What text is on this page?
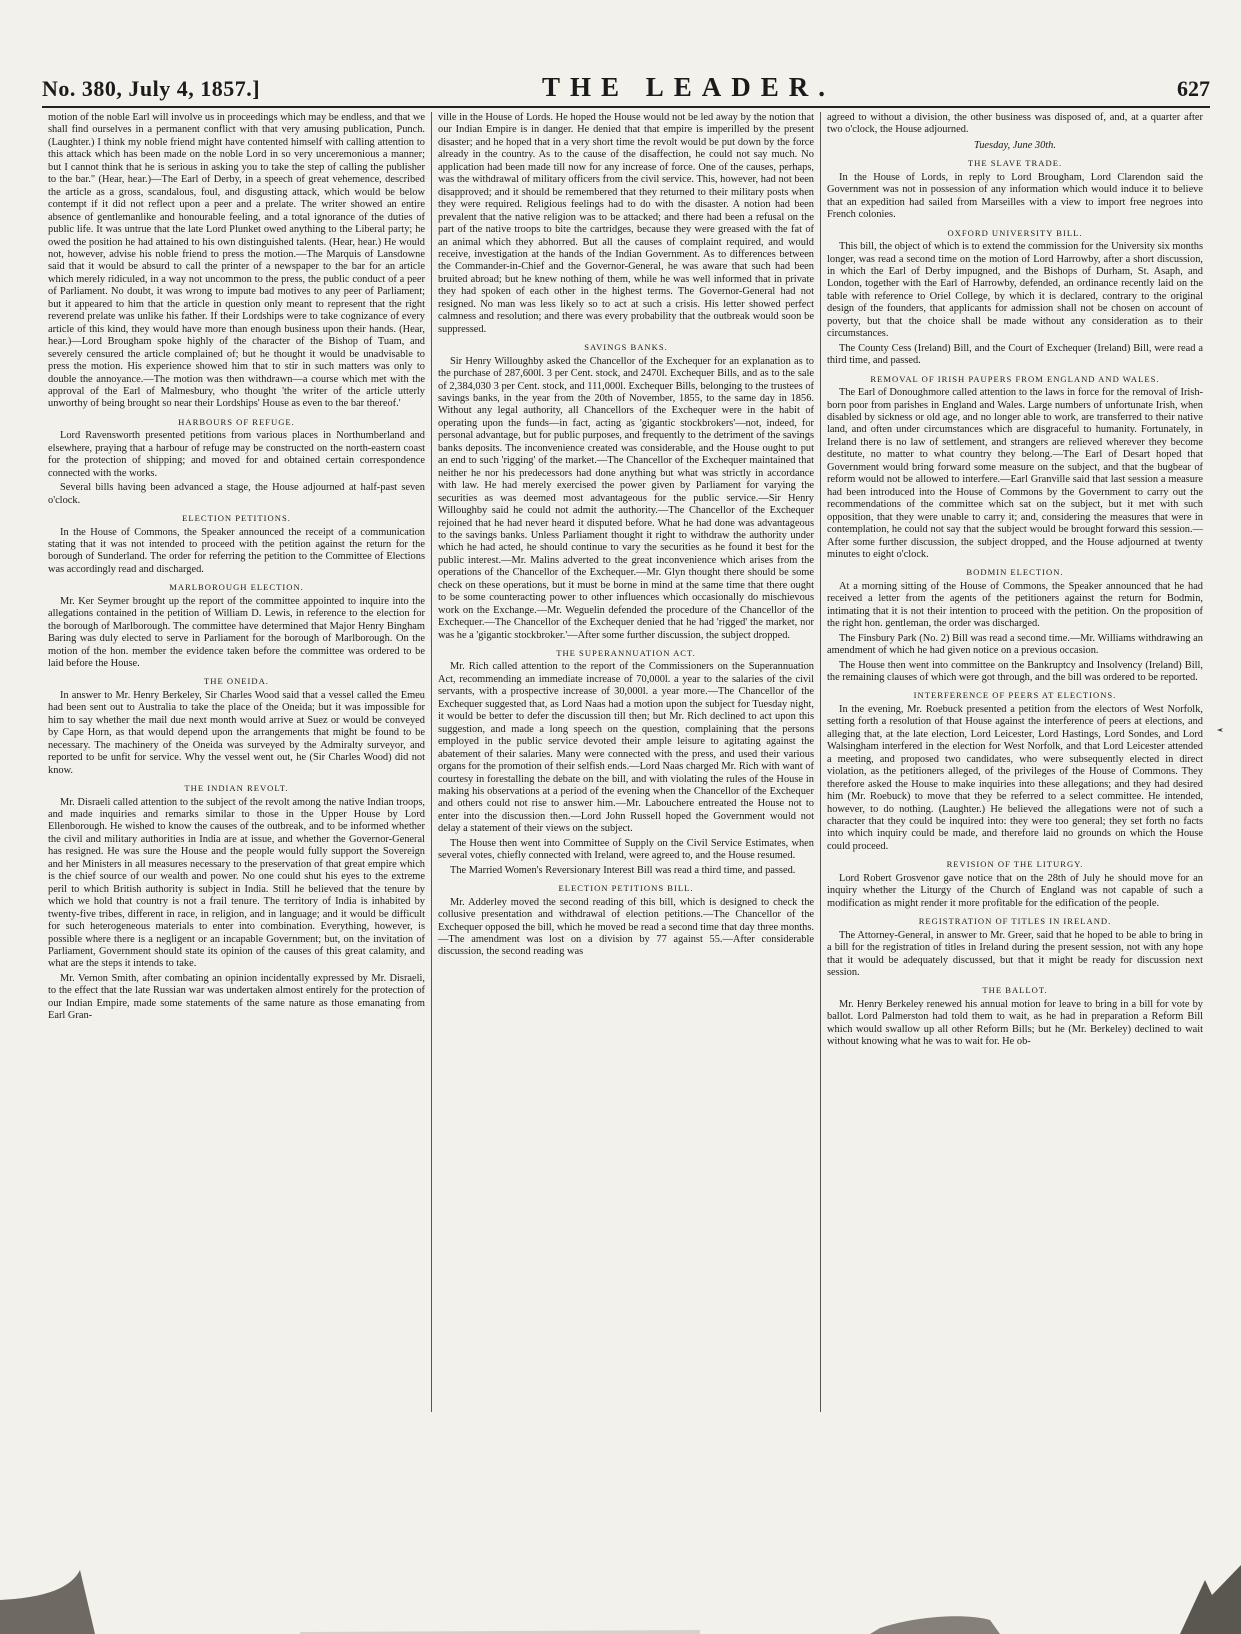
No. 380, July 4, 1857.]	THE LEADER.	627

motion of the noble Earl will involve us in proceedings which may be endless, and that we shall find ourselves in a permanent conflict with that very amusing publication, Punch. (Laughter.) I think my noble friend might have contented himself with calling attention to this attack which has been made on the noble Lord in so very unceremonious a manner; but I cannot think that he is serious in asking you to take the step of calling the publisher to the bar." (Hear, hear.)—The Earl of Derby, in a speech of great vehemence, described the article as a gross, scandalous, foul, and disgusting attack, which would be below contempt if it did not reflect upon a peer and a prelate. The writer showed an entire absence of gentlemanlike and honourable feeling, and a total ignorance of the duties of public life. It was untrue that the late Lord Plunket owed anything to the Liberal party; he owed the position he had attained to his own distinguished talents. (Hear, hear.) He would not, however, advise his noble friend to press the motion.—The Marquis of Lansdowne said that it would be absurd to call the printer of a newspaper to the bar for an article which merely ridiculed, in a way not uncommon to the press, the public conduct of a peer of Parliament. No doubt, it was wrong to impute bad motives to any peer of Parliament; but it appeared to him that the article in question only meant to represent that the right reverend prelate was unlike his father. If their Lordships were to take cognizance of every article of this kind, they would have more than enough business upon their hands. (Hear, hear.)—Lord Brougham spoke highly of the character of the Bishop of Tuam, and severely censured the article complained of; but he thought it would be unadvisable to press the motion. His experience showed him that to stir in such matters was only to double the annoyance.—The motion was then withdrawn—a course which met with the approval of the Earl of Malmesbury, who thought 'the writer of the article utterly unworthy of being brought so near their Lordships' House as even to the bar thereof.'

HARBOURS OF REFUGE.

Lord Ravensworth presented petitions from various places in Northumberland and elsewhere, praying that a harbour of refuge may be constructed on the north-eastern coast for the protection of shipping; and moved for and obtained certain correspondence connected with the works.

Several bills having been advanced a stage, the House adjourned at half-past seven o'clock.

ELECTION PETITIONS.

In the House of Commons, the Speaker announced the receipt of a communication stating that it was not intended to proceed with the petition against the return for the borough of Sunderland. The order for referring the petition to the Committee of Elections was accordingly read and discharged.

MARLBOROUGH ELECTION.

Mr. Ker Seymer brought up the report of the committee appointed to inquire into the allegations contained in the petition of William D. Lewis, in reference to the election for the borough of Marlborough. The committee have determined that Major Henry Bingham Baring was duly elected to serve in Parliament for the borough of Marlborough. On the motion of the hon. member the evidence taken before the committee was ordered to be laid before the House.

THE ONEIDA.

In answer to Mr. Henry Berkeley, Sir Charles Wood said that a vessel called the Emeu had been sent out to Australia to take the place of the Oneida; but it was impossible for him to say whether the mail due next month would arrive at Suez or would be conveyed by Cape Horn, as that would depend upon the arrangements that might be found to be necessary. The machinery of the Oneida was surveyed by the Admiralty surveyor, and reported to be unfit for service. Why the vessel went out, he (Sir Charles Wood) did not know.

THE INDIAN REVOLT.

Mr. Disraeli called attention to the subject of the revolt among the native Indian troops, and made inquiries and remarks similar to those in the Upper House by Lord Ellenborough. He wished to know the causes of the outbreak, and to be informed whether the civil and military authorities in India are at issue, and whether the Governor-General has resigned. He was sure the House and the people would fully support the Sovereign and her Ministers in all measures necessary to the preservation of that great empire which is the chief source of our wealth and power. No one could shut his eyes to the extreme peril to which British authority is subject in India. Still he believed that the tenure by which we hold that country is not a frail tenure. The territory of India is inhabited by twenty-five tribes, different in race, in religion, and in language; and it would be difficult for such heterogeneous materials to enter into combination. Everything, however, is possible where there is a negligent or an incapable Government; but, on the invitation of Parliament, Government should state its opinion of the causes of this great calamity, and what are the steps it intends to take.

Mr. Vernon Smith, after combating an opinion incidentally expressed by Mr. Disraeli, to the effect that the late Russian war was undertaken almost entirely for the protection of our Indian Empire, made some statements of the same nature as those emanating from Earl Gran-

ville in the House of Lords. He hoped the House would not be led away by the notion that our Indian Empire is in danger. He denied that that empire is imperilled by the present disaster; and he hoped that in a very short time the revolt would be put down by the force already in the country. As to the cause of the disaffection, he could not say much. No application had been made till now for any increase of force. One of the causes, perhaps, was the withdrawal of military officers from the civil service. This, however, had not been disapproved; and it should be remembered that they returned to their military posts when they were required. Religious feelings had to do with the disaster. A notion had been prevalent that the native religion was to be attacked; and there had been a refusal on the part of the native troops to bite the cartridges, because they were greased with the fat of an animal which they abhorred. But all the causes of complaint required, and would receive, investigation at the hands of the Indian Government. As to differences between the Commander-in-Chief and the Governor-General, he was aware that such had been bruited abroad; but he knew nothing of them, while he was well informed that in private they had spoken of each other in the highest terms. The Governor-General had not resigned. No man was less likely so to act at such a crisis. His letter showed perfect calmness and resolution; and there was every probability that the outbreak would soon be suppressed.

SAVINGS BANKS.

Sir Henry Willoughby asked the Chancellor of the Exchequer for an explanation as to the purchase of 287,600l. 3 per Cent. stock, and 2470l. Exchequer Bills, and as to the sale of 2,384,030 3 per Cent. stock, and 111,000l. Exchequer Bills, belonging to the trustees of savings banks, in the year from the 20th of November, 1855, to the same day in 1856. Without any legal authority, all Chancellors of the Exchequer were in the habit of operating upon the funds—in fact, acting as 'gigantic stockbrokers'—not, indeed, for personal advantage, but for public purposes, and frequently to the detriment of the savings banks deposits. The inconvenience created was considerable, and the House ought to put an end to such 'rigging' of the market.—The Chancellor of the Exchequer maintained that neither he nor his predecessors had done anything but what was strictly in accordance with law. He had merely exercised the power given by Parliament for varying the securities as was deemed most advantageous for the public service.—Sir Henry Willoughby said he could not admit the authority.—The Chancellor of the Exchequer rejoined that he had never heard it disputed before. What he had done was advantageous to the savings banks. Unless Parliament thought it right to withdraw the authority under which he had acted, he should continue to vary the securities as he found it best for the public interest.—Mr. Malins adverted to the great inconvenience which arises from the operations of the Chancellor of the Exchequer.—Mr. Glyn thought there should be some check on these operations, but it must be borne in mind at the same time that there ought to be some counteracting power to other influences which occasionally do mischievous work on the Exchange.—Mr. Weguelin defended the procedure of the Chancellor of the Exchequer.—The Chancellor of the Exchequer denied that he had 'rigged' the market, nor was he a 'gigantic stockbroker.'—After some further discussion, the subject dropped.

THE SUPERANNUATION ACT.

Mr. Rich called attention to the report of the Commissioners on the Superannuation Act, recommending an immediate increase of 70,000l. a year to the salaries of the civil servants, with a prospective increase of 30,000l. a year more.—The Chancellor of the Exchequer suggested that, as Lord Naas had a motion upon the subject for Tuesday night, it would be better to defer the discussion till then; but Mr. Rich declined to act upon this suggestion, and made a long speech on the question, complaining that the persons employed in the public service devoted their ample leisure to agitating against the abatement of their salaries. Many were connected with the press, and used their various organs for the promotion of their selfish ends.—Lord Naas charged Mr. Rich with want of courtesy in forestalling the debate on the bill, and with violating the rules of the House in making his observations at a period of the evening when the Chancellor of the Exchequer and others could not rise to answer him.—Mr. Labouchere entreated the House not to enter into the discussion then.—Lord John Russell hoped the Government would not delay a statement of their views on the subject.

The House then went into Committee of Supply on the Civil Service Estimates, when several votes, chiefly connected with Ireland, were agreed to, and the House resumed.

The Married Women's Reversionary Interest Bill was read a third time, and passed.

ELECTION PETITIONS BILL.

Mr. Adderley moved the second reading of this bill, which is designed to check the collusive presentation and withdrawal of election petitions.—The Chancellor of the Exchequer opposed the bill, which he moved be read a second time that day three months.—The amendment was lost on a division by 77 against 55.—After considerable discussion, the second reading was

agreed to without a division, the other business was disposed of, and, at a quarter after two o'clock, the House adjourned.

Tuesday, June 30th.
THE SLAVE TRADE.

In the House of Lords, in reply to Lord Brougham, Lord Clarendon said the Government was not in possession of any information which would induce it to believe that an expedition had sailed from Marseilles with a view to import free negroes into French colonies.

OXFORD UNIVERSITY BILL.

This bill, the object of which is to extend the commission for the University six months longer, was read a second time on the motion of Lord Harrowby, after a short discussion, in which the Earl of Derby impugned, and the Bishops of Durham, St. Asaph, and London, together with the Earl of Harrowby, defended, an ordinance recently laid on the table with reference to Oriel College, by which it is declared, contrary to the original design of the founders, that applicants for admission shall not be chosen on account of poverty, but that the choice shall be made without any consideration as to their circumstances.

The County Cess (Ireland) Bill, and the Court of Exchequer (Ireland) Bill, were read a third time, and passed.

REMOVAL OF IRISH PAUPERS FROM ENGLAND AND WALES.

The Earl of Donoughmore called attention to the laws in force for the removal of Irish-born poor from parishes in England and Wales. Large numbers of unfortunate Irish, when disabled by sickness or old age, and no longer able to work, are transferred to their native land, and often under circumstances which are disgraceful to humanity. Fortunately, in Ireland there is no law of settlement, and strangers are relieved wherever they become destitute, no matter to what country they belong.—The Earl of Desart hoped that Government would bring forward some measure on the subject, and that the bugbear of reform would not be allowed to interfere.—Earl Granville said that last session a measure had been introduced into the House of Commons by the Government to carry out the recommendations of the committee which sat on the subject, but it met with such opposition, that they were unable to carry it; and, considering the measures that were in contemplation, he could not say that the subject would be brought forward this session.—After some further discussion, the subject dropped, and the House adjourned at twenty minutes to eight o'clock.

BODMIN ELECTION.

At a morning sitting of the House of Commons, the Speaker announced that he had received a letter from the agents of the petitioners against the return for Bodmin, intimating that it is not their intention to proceed with the petition. On the proposition of the right hon. gentleman, the order was discharged.

The Finsbury Park (No. 2) Bill was read a second time.—Mr. Williams withdrawing an amendment of which he had given notice on a previous occasion.

The House then went into committee on the Bankruptcy and Insolvency (Ireland) Bill, the remaining clauses of which were got through, and the bill was ordered to be reported.

INTERFERENCE OF PEERS AT ELECTIONS.

In the evening, Mr. Roebuck presented a petition from the electors of West Norfolk, setting forth a resolution of that House against the interference of peers at elections, and alleging that, at the late election, Lord Leicester, Lord Hastings, Lord Sondes, and Lord Walsingham interfered in the election for West Norfolk, and that Lord Leicester attended a meeting, and proposed two candidates, who were subsequently elected in direct violation, as the petitioners alleged, of the privileges of the House of Commons. They therefore asked the House to make inquiries into these allegations; and they had desired him (Mr. Roebuck) to move that they be referred to a select committee. He intended, however, to do nothing. (Laughter.) He believed the allegations were not of such a character that they could be inquired into: they were too general; they set forth no facts into which inquiry could be made, and therefore laid no grounds on which the House could proceed.

REVISION OF THE LITURGY.

Lord Robert Grosvenor gave notice that on the 28th of July he should move for an inquiry whether the Liturgy of the Church of England was not capable of such a modification as might render it more profitable for the edification of the people.

REGISTRATION OF TITLES IN IRELAND.

The Attorney-General, in answer to Mr. Greer, said that he hoped to be able to bring in a bill for the registration of titles in Ireland during the present session, not with any hope that it would be adequately discussed, but that it might be ready for discussion next session.

THE BALLOT.

Mr. Henry Berkeley renewed his annual motion for leave to bring in a bill for vote by ballot. Lord Palmerston had told them to wait, as he had in preparation a Reform Bill which would swallow up all other Reform Bills; but he (Mr. Berkeley) declined to wait without knowing what he was to wait for. He ob-
